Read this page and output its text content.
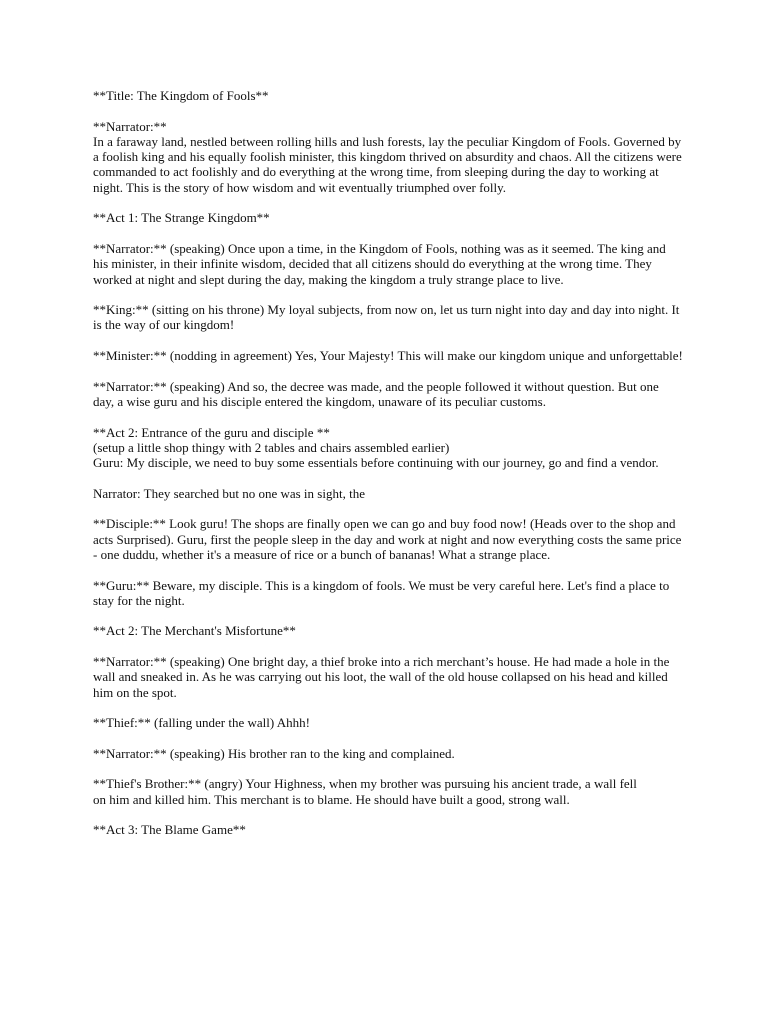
**Title: The Kingdom of Fools**

**Narrator:**
In a faraway land, nestled between rolling hills and lush forests, lay the peculiar Kingdom of Fools. Governed by a foolish king and his equally foolish minister, this kingdom thrived on absurdity and chaos. All the citizens were commanded to act foolishly and do everything at the wrong time, from sleeping during the day to working at night. This is the story of how wisdom and wit eventually triumphed over folly.

**Act 1: The Strange Kingdom**

**Narrator:** (speaking) Once upon a time, in the Kingdom of Fools, nothing was as it seemed. The king and his minister, in their infinite wisdom, decided that all citizens should do everything at the wrong time. They worked at night and slept during the day, making the kingdom a truly strange place to live.

**King:** (sitting on his throne) My loyal subjects, from now on, let us turn night into day and day into night. It is the way of our kingdom!

**Minister:** (nodding in agreement) Yes, Your Majesty! This will make our kingdom unique and unforgettable!

**Narrator:** (speaking) And so, the decree was made, and the people followed it without question. But one day, a wise guru and his disciple entered the kingdom, unaware of its peculiar customs.

**Act 2: Entrance of the guru and disciple **
(setup a little shop thingy with 2 tables and chairs assembled earlier)
Guru: My disciple, we need to buy some essentials before continuing with our journey, go and find a vendor.

Narrator: They searched but no one was in sight, the

**Disciple:** Look guru! The shops are finally open we can go and buy food now! (Heads over to the shop and acts Surprised). Guru, first the people sleep in the day and work at night and now everything costs the same price - one duddu, whether it's a measure of rice or a bunch of bananas! What a strange place.

**Guru:** Beware, my disciple. This is a kingdom of fools. We must be very careful here. Let's find a place to stay for the night.

**Act 2: The Merchant's Misfortune**

**Narrator:** (speaking) One bright day, a thief broke into a rich merchant’s house. He had made a hole in the wall and sneaked in. As he was carrying out his loot, the wall of the old house collapsed on his head and killed him on the spot.

**Thief:** (falling under the wall) Ahhh!

**Narrator:** (speaking) His brother ran to the king and complained.

**Thief's Brother:** (angry) Your Highness, when my brother was pursuing his ancient trade, a wall fell
on him and killed him. This merchant is to blame. He should have built a good, strong wall.

**Act 3: The Blame Game**
